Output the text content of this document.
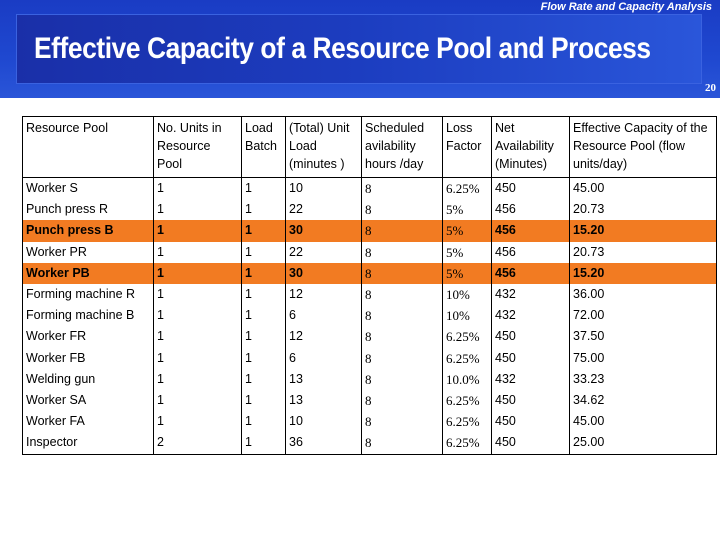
Flow Rate and Capacity Analysis
Effective Capacity of a Resource Pool and Process
20
Resource Pool	No. Units in Resource Pool	Load Batch	(Total) Unit Load (minutes )	Scheduled avilability hours /day	Loss Factor	Net Availability (Minutes)	Effective Capacity of the Resource Pool (flow units/day)
Worker S	1	1	10	8	6.25%	450	45.00
Punch press R	1	1	22	8	5%	456	20.73
Punch press B	1	1	30	8	5%	456	15.20
Worker PR	1	1	22	8	5%	456	20.73
Worker PB	1	1	30	8	5%	456	15.20
Forming machine R	1	1	12	8	10%	432	36.00
Forming machine B	1	1	6	8	10%	432	72.00
Worker FR	1	1	12	8	6.25%	450	37.50
Worker FB	1	1	6	8	6.25%	450	75.00
Welding gun	1	1	13	8	10.0%	432	33.23
Worker SA	1	1	13	8	6.25%	450	34.62
Worker FA	1	1	10	8	6.25%	450	45.00
Inspector	2	1	36	8	6.25%	450	25.00
